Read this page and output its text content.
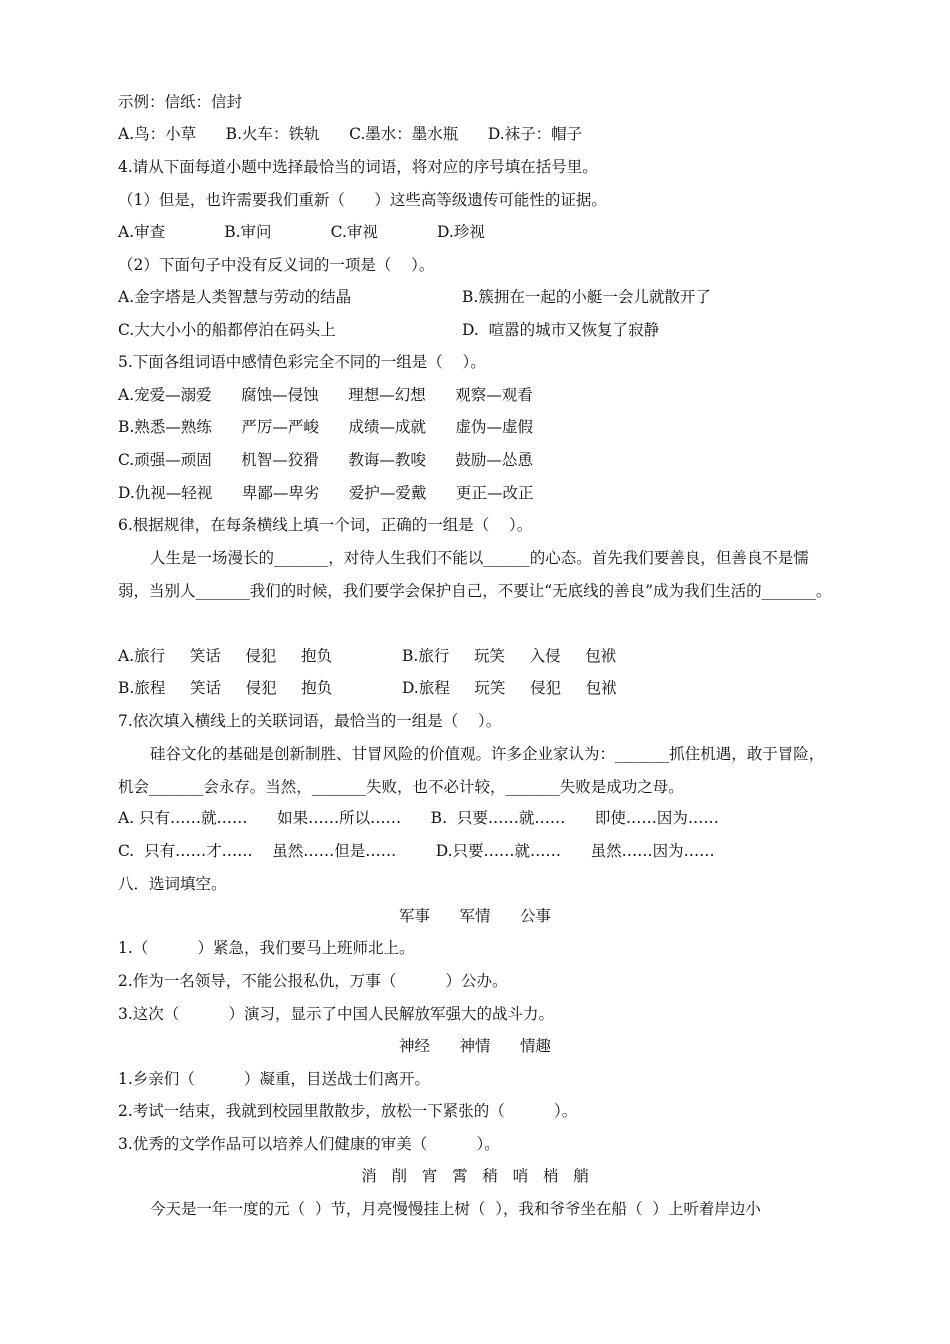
示例：信纸：信封
A.鸟：小草      B.火车：铁轨      C.墨水：墨水瓶      D.袜子：帽子
4.请从下面每道小题中选择最恰当的词语，将对应的序号填在括号里。
（1）但是，也许需要我们重新（      ）这些高等级遗传可能性的证据。
A.审查            B.审问            C.审视            D.珍视
（2）下面句子中没有反义词的一项是（    ）。
A.金字塔是人类智慧与劳动的结晶	B.簇拥在一起的小艇一会儿就散开了
C.大大小小的船都停泊在码头上	D.  喧嚣的城市又恢复了寂静
5.下面各组词语中感情色彩完全不同的一组是（    ）。
A.宠爱—溺爱      腐蚀—侵蚀      理想—幻想      观察—观看
B.熟悉—熟练      严厉—严峻      成绩—成就      虚伪—虚假
C.顽强—顽固      机智—狡猾      教诲—教唆      鼓励—怂恿
D.仇视—轻视      卑鄙—卑劣      爱护—爱戴      更正—改正
6.根据规律，在每条横线上填一个词，正确的一组是（    ）。
人生是一场漫长的_______，对待人生我们不能以______的心态。首先我们要善良，但善良不是懦弱，当别人_______我们的时候，我们要学会保护自己，不要让“无底线的善良”成为我们生活的_______。
A.旅行     笑话     侵犯     抱负	B.旅行     玩笑     入侵     包袱
B.旅程     笑话     侵犯     抱负	D.旅程     玩笑     侵犯     包袱
7.依次填入横线上的关联词语，最恰当的一组是（    ）。
硅谷文化的基础是创新制胜、甘冒风险的价值观。许多企业家认为：_______抓住机遇，敢于冒险，机会_______会永存。当然，_______失败，也不必计较，_______失败是成功之母。
A. 只有……就……      如果……所以……      B.  只要……就……      即使……因为……
C.  只有……才……    虽然……但是……        D.只要……就……      虽然……因为……
八．选词填空。
军事      军情      公事
1.（          ）紧急，我们要马上班师北上。
2.作为一名领导，不能公报私仇，万事（          ）公办。
3.这次（          ）演习，显示了中国人民解放军强大的战斗力。
神经      神情      情趣
1.乡亲们（          ）凝重，目送战士们离开。
2.考试一结束，我就到校园里散散步，放松一下紧张的（          ）。
3.优秀的文学作品可以培养人们健康的审美（          ）。
消   削   宵   霄   稍   哨   梢   艄
今天是一年一度的元（  ）节，月亮慢慢挂上树（  ），我和爷爷坐在船（  ）上听着岸边小
